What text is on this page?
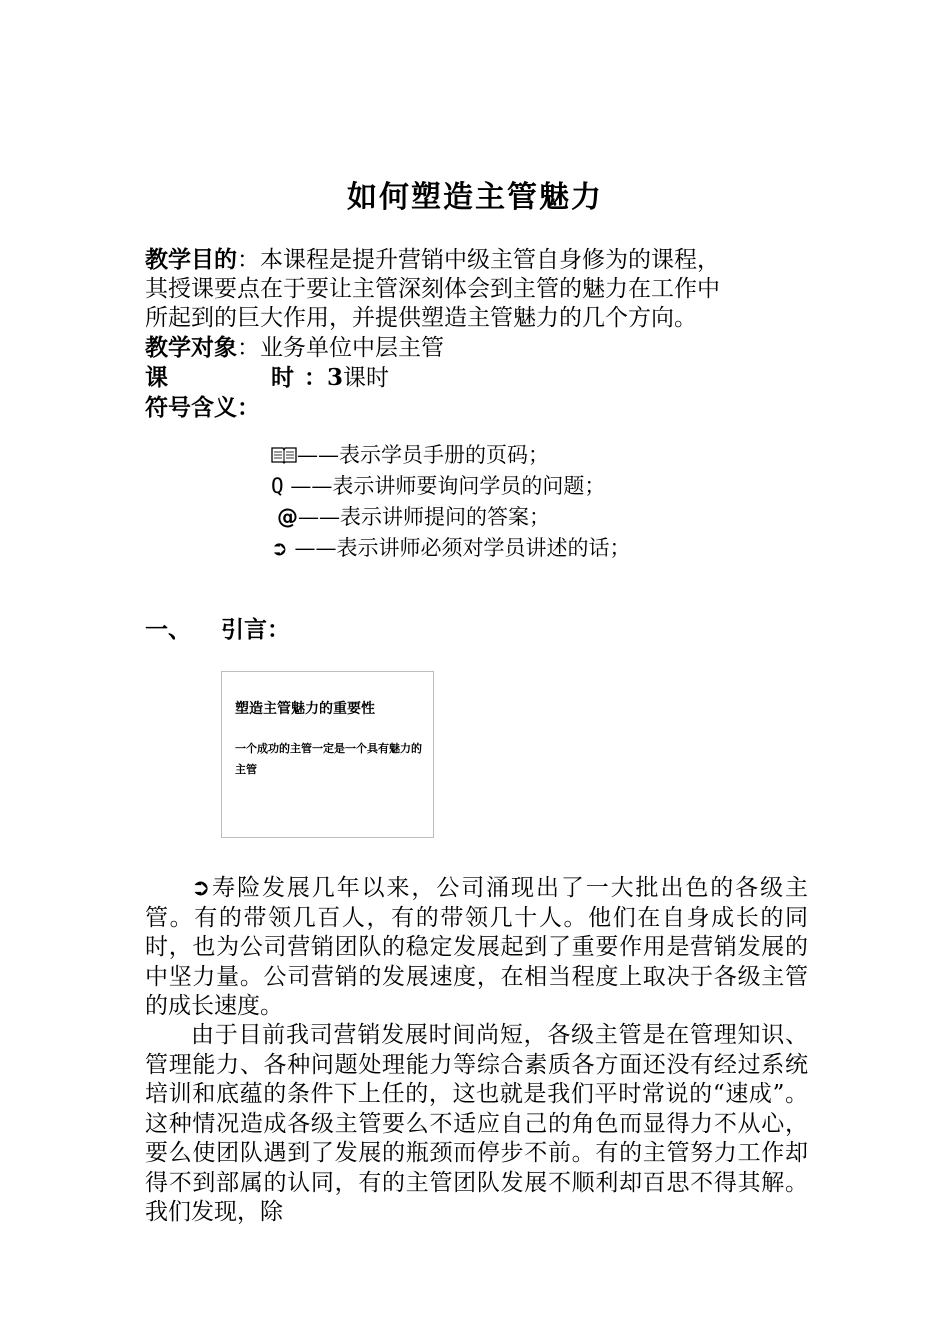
如何塑造主管魅力
教学目的：本课程是提升营销中级主管自身修为的课程，
其授课要点在于要让主管深刻体会到主管的魅力在工作中
所起到的巨大作用，并提供塑造主管魅力的几个方向。
教学对象：业务单位中层主管
课	时 ：3课时
符号含义：
——表示学员手册的页码；
Q ——表示讲师要询问学员的问题；
@——表示讲师提问的答案；
➲ ——表示讲师必须对学员讲述的话；
一、 引言：
塑造主管魅力的重要性
一个成功的主管一定是一个具有魅力的主管
➲寿险发展几年以来，公司涌现出了一大批出色的各级主管。有的带领几百人，有的带领几十人。他们在自身成长的同时，也为公司营销团队的稳定发展起到了重要作用是营销发展的中坚力量。公司营销的发展速度，在相当程度上取决于各级主管的成长速度。
由于目前我司营销发展时间尚短，各级主管是在管理知识、管理能力、各种问题处理能力等综合素质各方面还没有经过系统培训和底蕴的条件下上任的，这也就是我们平时常说的“速成”。这种情况造成各级主管要么不适应自己的角色而显得力不从心，要么使团队遇到了发展的瓶颈而停步不前。有的主管努力工作却得不到部属的认同，有的主管团队发展不顺利却百思不得其解。我们发现，除
